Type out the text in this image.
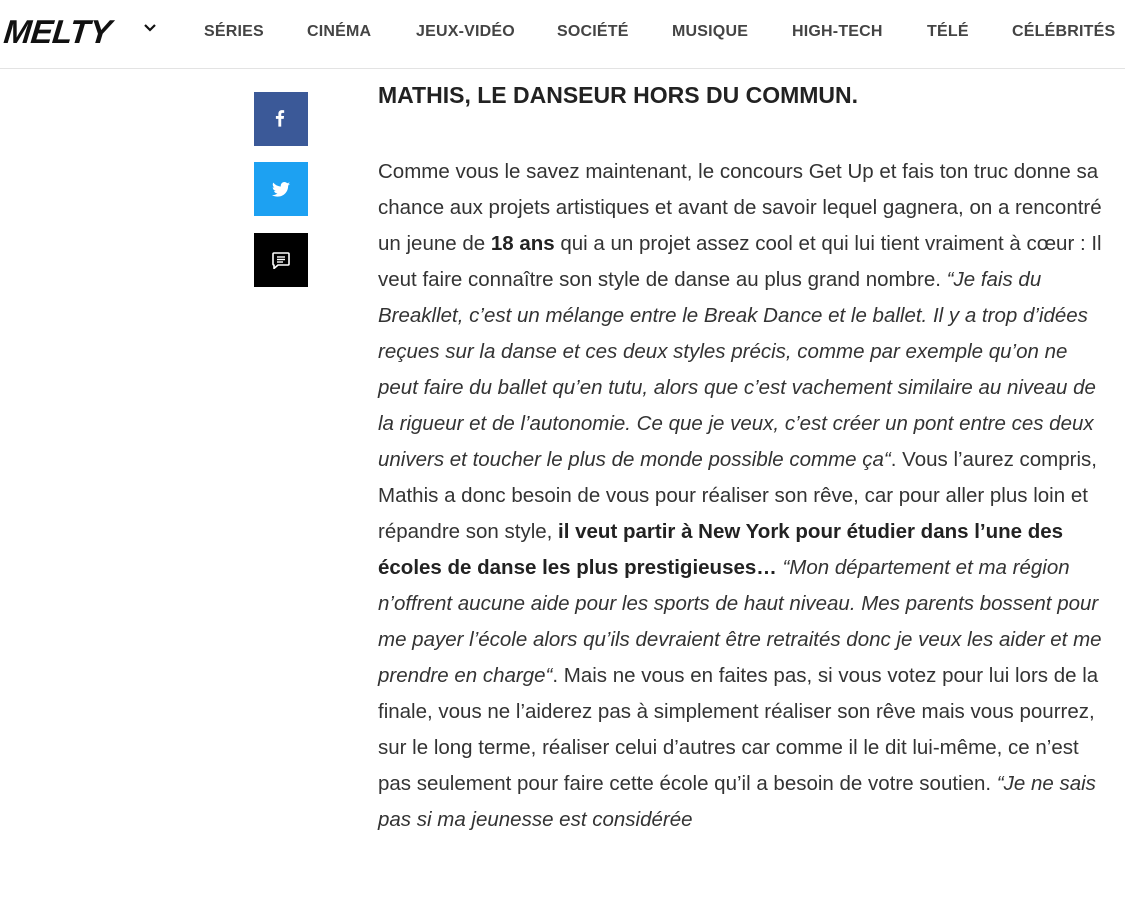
MELTY	SÉRIES	CINÉMA	JEUX-VIDÉO	SOCIÉTÉ	MUSIQUE	HIGH-TECH	TÉLÉ	CÉLÉBRITÉS
MATHIS, LE DANSEUR HORS DU COMMUN.

Comme vous le savez maintenant, le concours Get Up et fais ton truc donne sa chance aux projets artistiques et avant de savoir lequel gagnera, on a rencontré un jeune de 18 ans qui a un projet assez cool et qui lui tient vraiment à cœur : Il veut faire connaître son style de danse au plus grand nombre. “Je fais du Breakllet, c’est un mélange entre le Break Dance et le ballet. Il y a trop d’idées reçues sur la danse et ces deux styles précis, comme par exemple qu’on ne peut faire du ballet qu’en tutu, alors que c’est vachement similaire au niveau de la rigueur et de l’autonomie. Ce que je veux, c’est créer un pont entre ces deux univers et toucher le plus de monde possible comme ça“. Vous l’aurez compris, Mathis a donc besoin de vous pour réaliser son rêve, car pour aller plus loin et répandre son style, il veut partir à New York pour étudier dans l’une des écoles de danse les plus prestigieuses… “Mon département et ma région n’offrent aucune aide pour les sports de haut niveau. Mes parents bossent pour me payer l’école alors qu’ils devraient être retraités donc je veux les aider et me prendre en charge“. Mais ne vous en faites pas, si vous votez pour lui lors de la finale, vous ne l’aiderez pas à simplement réaliser son rêve mais vous pourrez, sur le long terme, réaliser celui d’autres car comme il le dit lui-même, ce n’est pas seulement pour faire cette école qu’il a besoin de votre soutien. “Je ne sais pas si ma jeunesse est considérée
